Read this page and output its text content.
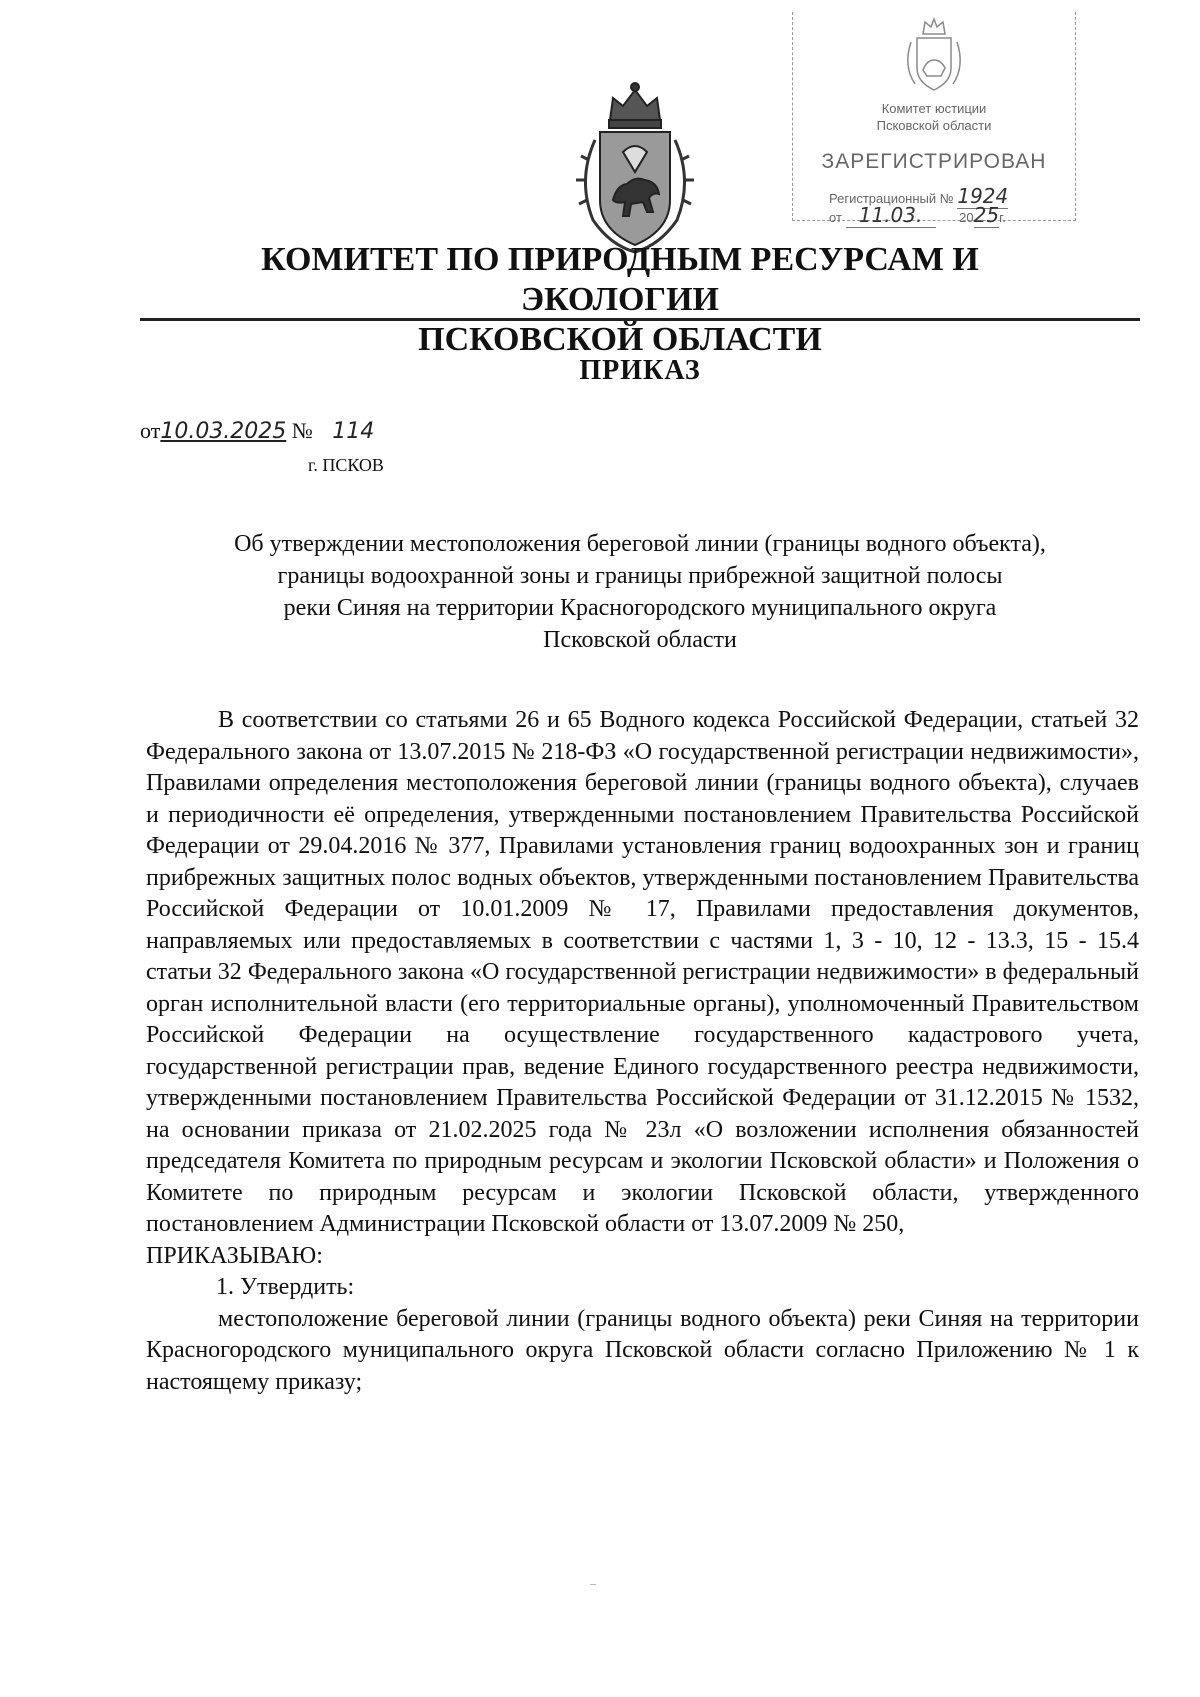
Комитет юстиции
Псковской области
ЗАРЕГИСТРИРОВАН
Регистрационный № 1924
от 11.03.	2025г.
КОМИТЕТ ПО ПРИРОДНЫМ РЕСУРСАМ И ЭКОЛОГИИ
ПСКОВСКОЙ ОБЛАСТИ
ПРИКАЗ
от10.03.2025 № 114
г. ПСКОВ
Об утверждении местоположения береговой линии (границы водного объекта),
границы водоохранной зоны и границы прибрежной защитной полосы
реки Синяя на территории Красногородского муниципального округа
Псковской области

В соответствии со статьями 26 и 65 Водного кодекса Российской Федерации, статьей 32 Федерального закона от 13.07.2015 № 218-ФЗ «О государственной регистрации недвижимости», Правилами определения местоположения береговой линии (границы водного объекта), случаев и периодичности её определения, утвержденными постановлением Правительства Российской Федерации от 29.04.2016 № 377, Правилами установления границ водоохранных зон и границ прибрежных защитных полос водных объектов, утвержденными постановлением Правительства Российской Федерации от 10.01.2009 № 17, Правилами предоставления документов, направляемых или предоставляемых в соответствии с частями 1, 3 - 10, 12 - 13.3, 15 - 15.4 статьи 32 Федерального закона «О государственной регистрации недвижимости» в федеральный орган исполнительной власти (его территориальные органы), уполномоченный Правительством Российской Федерации на осуществление государственного кадастрового учета, государственной регистрации прав, ведение Единого государственного реестра недвижимости, утвержденными постановлением Правительства Российской Федерации от 31.12.2015 № 1532, на основании приказа от 21.02.2025 года № 23л «О возложении исполнения обязанностей председателя Комитета по природным ресурсам и экологии Псковской области» и Положения о Комитете по природным ресурсам и экологии Псковской области, утвержденного постановлением Администрации Псковской области от 13.07.2009 № 250,

ПРИКАЗЫВАЮ:

1. Утвердить:

местоположение береговой линии (границы водного объекта) реки Синяя на территории Красногородского муниципального округа Псковской области согласно Приложению № 1 к настоящему приказу;
